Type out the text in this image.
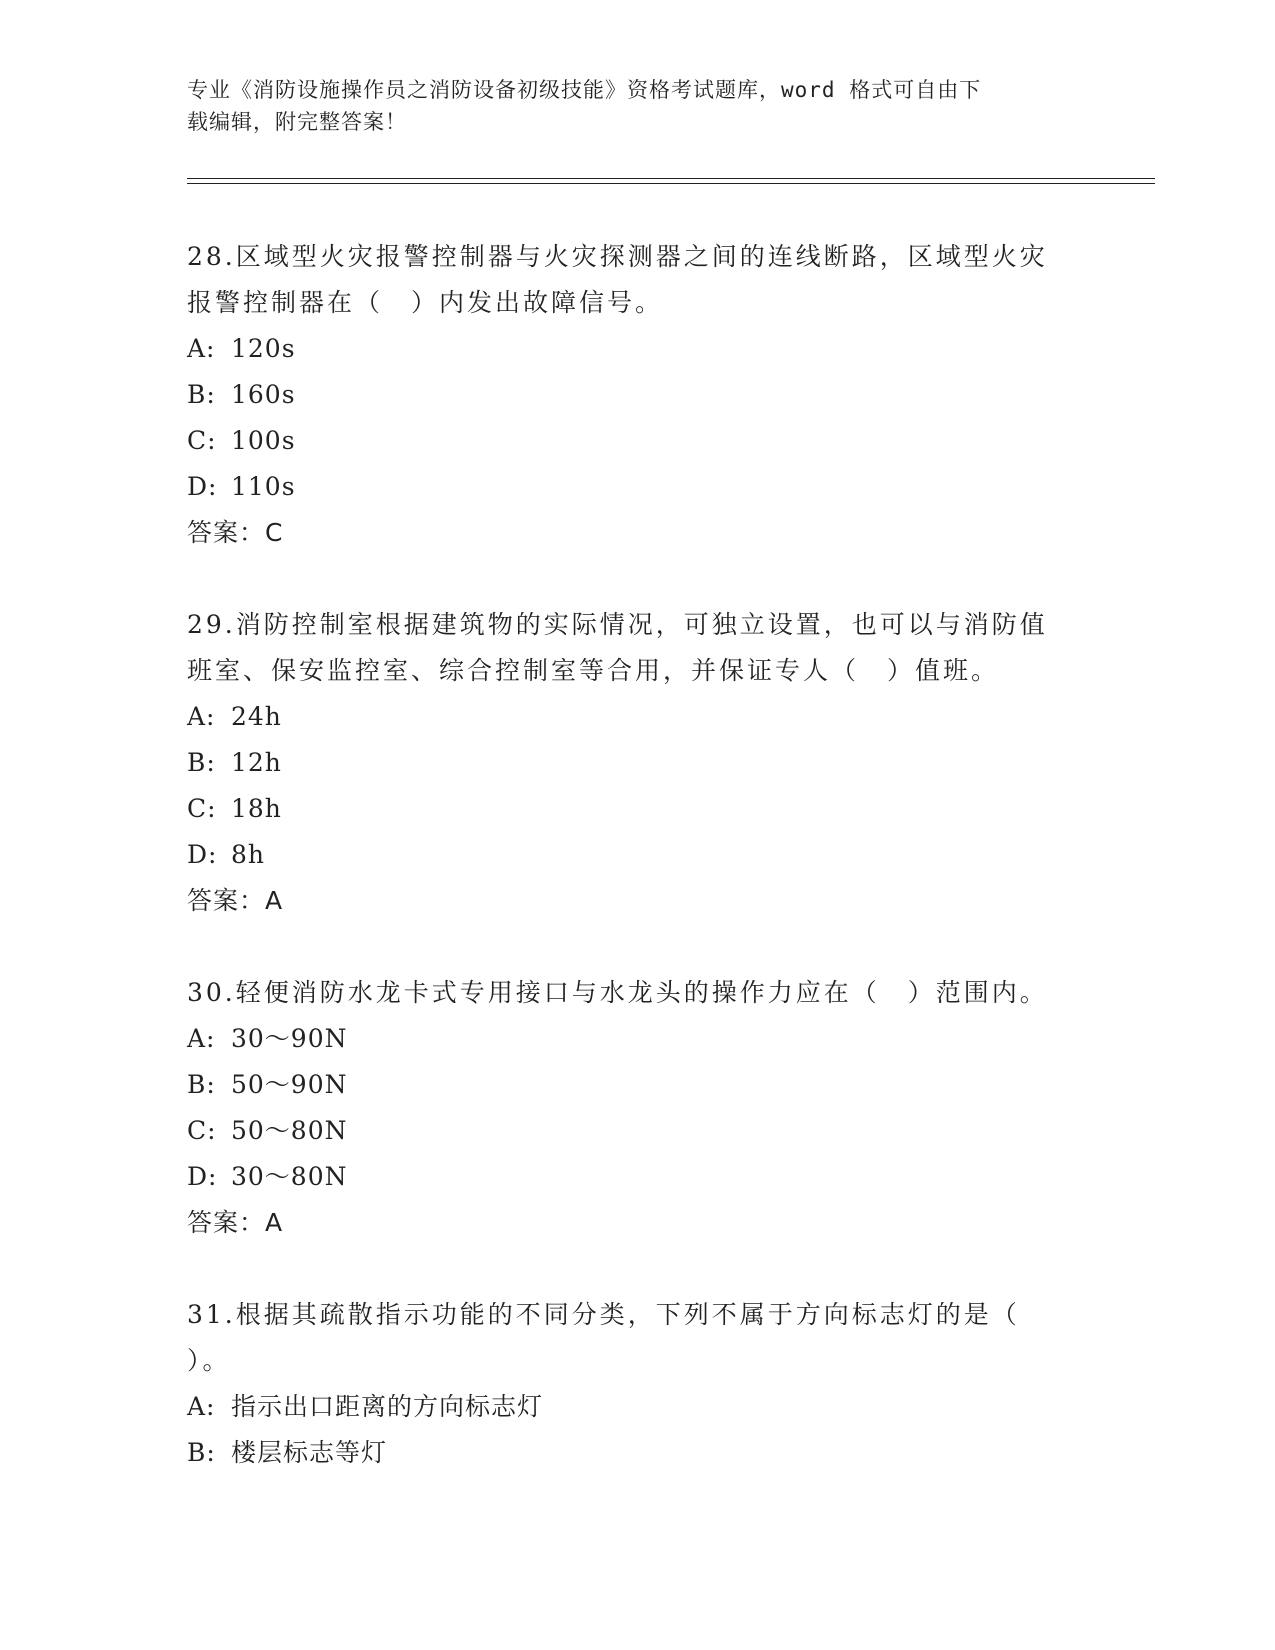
专业《消防设施操作员之消防设备初级技能》资格考试题库，word 格式可自由下
载编辑，附完整答案！

28.区域型火灾报警控制器与火灾探测器之间的连线断路，区域型火灾

报警控制器在（　）内发出故障信号。

A: 120s

B: 160s

C: 100s

D: 110s

答案：C

29.消防控制室根据建筑物的实际情况，可独立设置，也可以与消防值

班室、保安监控室、综合控制室等合用，并保证专人（　）值班。

A: 24h

B: 12h

C: 18h

D: 8h

答案：A

30.轻便消防水龙卡式专用接口与水龙头的操作力应在（　）范围内。

A: 30～90N

B: 50～90N

C: 50～80N

D: 30～80N

答案：A

31.根据其疏散指示功能的不同分类，下列不属于方向标志灯的是（

）。

A: 指示出口距离的方向标志灯

B: 楼层标志等灯
